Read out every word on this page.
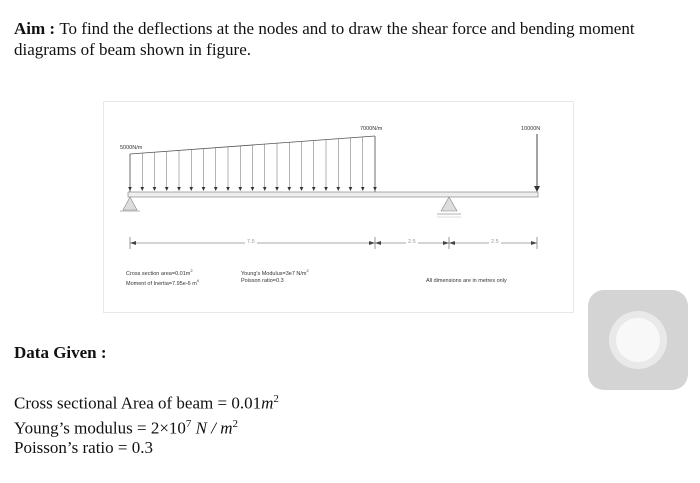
Aim : To find the deflections at the nodes and to draw the shear force and bending moment diagrams of beam shown in figure.
5000N/m
7000N/m	10000N
7.5	2.5	2.5
Cross section $area=0.01m^2$
Moment of Inertia=7.95e-6 $m^4$
Young's Modulus=3e7 $N/m^2$
Poisson ratio=0.3	All dimensions are in metres only
Data Given :
Cross sectional Area of beam = $0.01m^2$
Young’s modulus = $2\times 10^7$ N / $m^2$
Poisson’s ratio = 0.3
